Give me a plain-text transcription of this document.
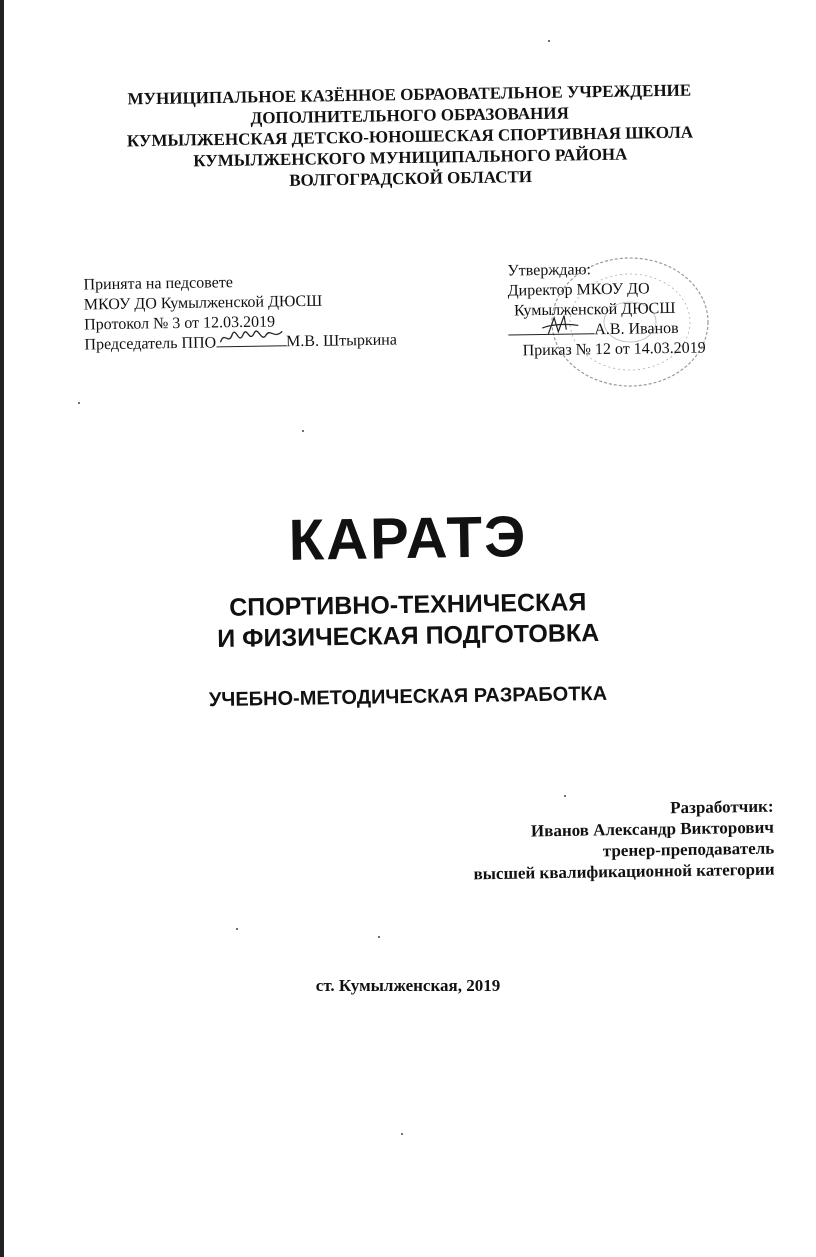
МУНИЦИПАЛЬНОЕ КАЗЁННОЕ ОБРАОВАТЕЛЬНОЕ УЧРЕЖДЕНИЕ
ДОПОЛНИТЕЛЬНОГО ОБРАЗОВАНИЯ
КУМЫЛЖЕНСКАЯ ДЕТСКО-ЮНОШЕСКАЯ СПОРТИВНАЯ ШКОЛА
КУМЫЛЖЕНСКОГО МУНИЦИПАЛЬНОГО РАЙОНА
ВОЛГОГРАДСКОЙ ОБЛАСТИ
Принята на педсовете
МКОУ ДО Кумылженской ДЮСШ
Протокол № 3 от 12.03.2019
Председатель ППО	М.В. Штыркина
Утверждаю:
Директор МКОУ ДО
Кумылженской ДЮСШ
А.В. Иванов
Приказ № 12 от 14.03.2019
КАРАТЭ
СПОРТИВНО-ТЕХНИЧЕСКАЯ
И ФИЗИЧЕСКАЯ ПОДГОТОВКА
УЧЕБНО-МЕТОДИЧЕСКАЯ РАЗРАБОТКА
Разработчик:
Иванов Александр Викторович
тренер-преподаватель
высшей квалификационной категории
ст. Кумылженская, 2019
